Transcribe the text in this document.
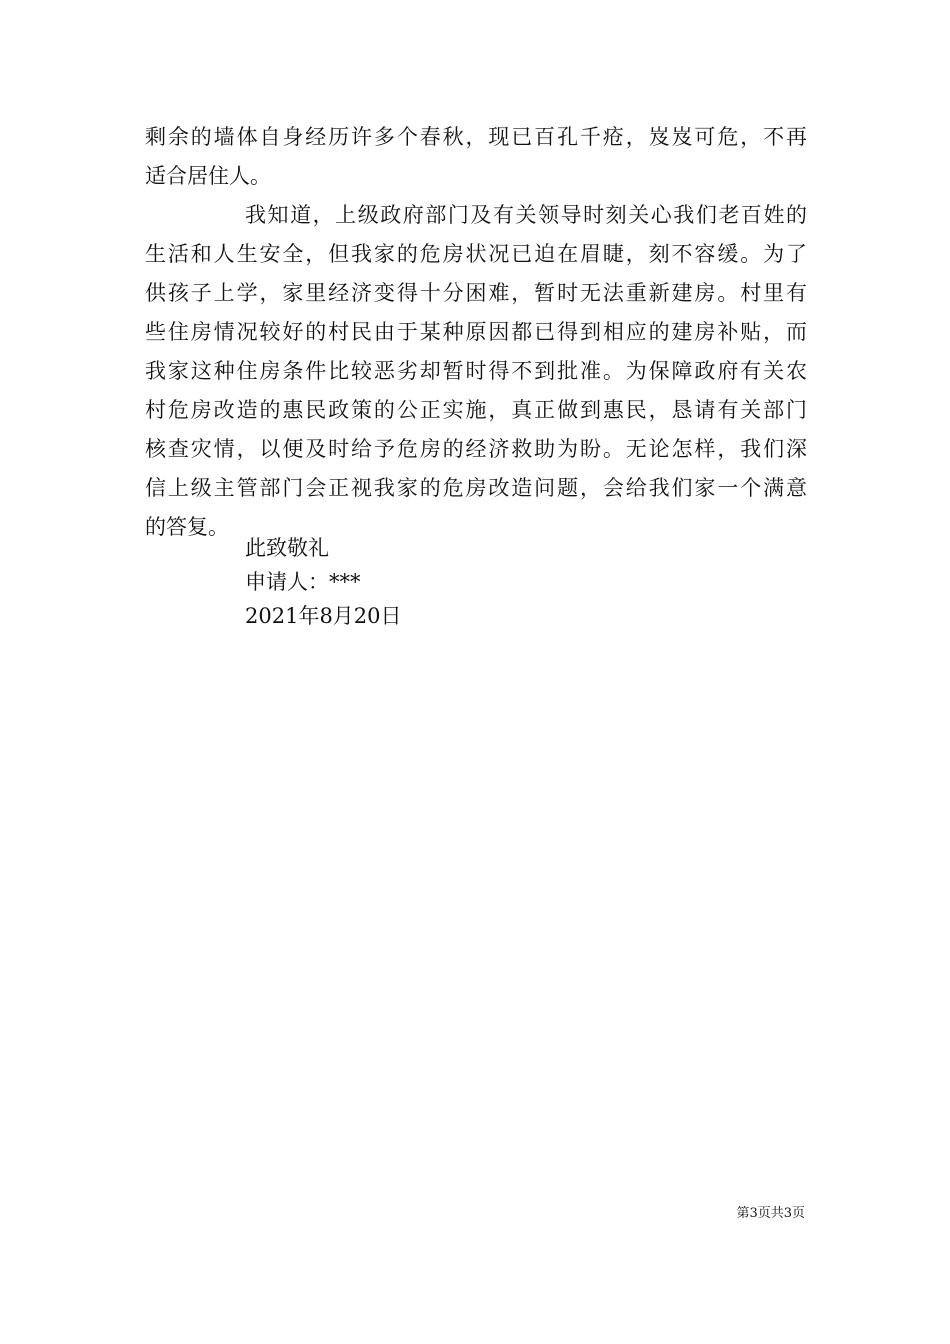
剩余的墙体自身经历许多个春秋，现已百孔千疮，岌岌可危，不再
适合居住人。

我知道，上级政府部门及有关领导时刻关心我们老百姓的
生活和人生安全，但我家的危房状况已迫在眉睫，刻不容缓。为了
供孩子上学，家里经济变得十分困难，暂时无法重新建房。村里有
些住房情况较好的村民由于某种原因都已得到相应的建房补贴，而
我家这种住房条件比较恶劣却暂时得不到批准。为保障政府有关农
村危房改造的惠民政策的公正实施，真正做到惠民，恳请有关部门
核查灾情，以便及时给予危房的经济救助为盼。无论怎样，我们深
信上级主管部门会正视我家的危房改造问题，会给我们家一个满意
的答复。

此致敬礼
申请人：***
2021年8月20日
第3页共3页
